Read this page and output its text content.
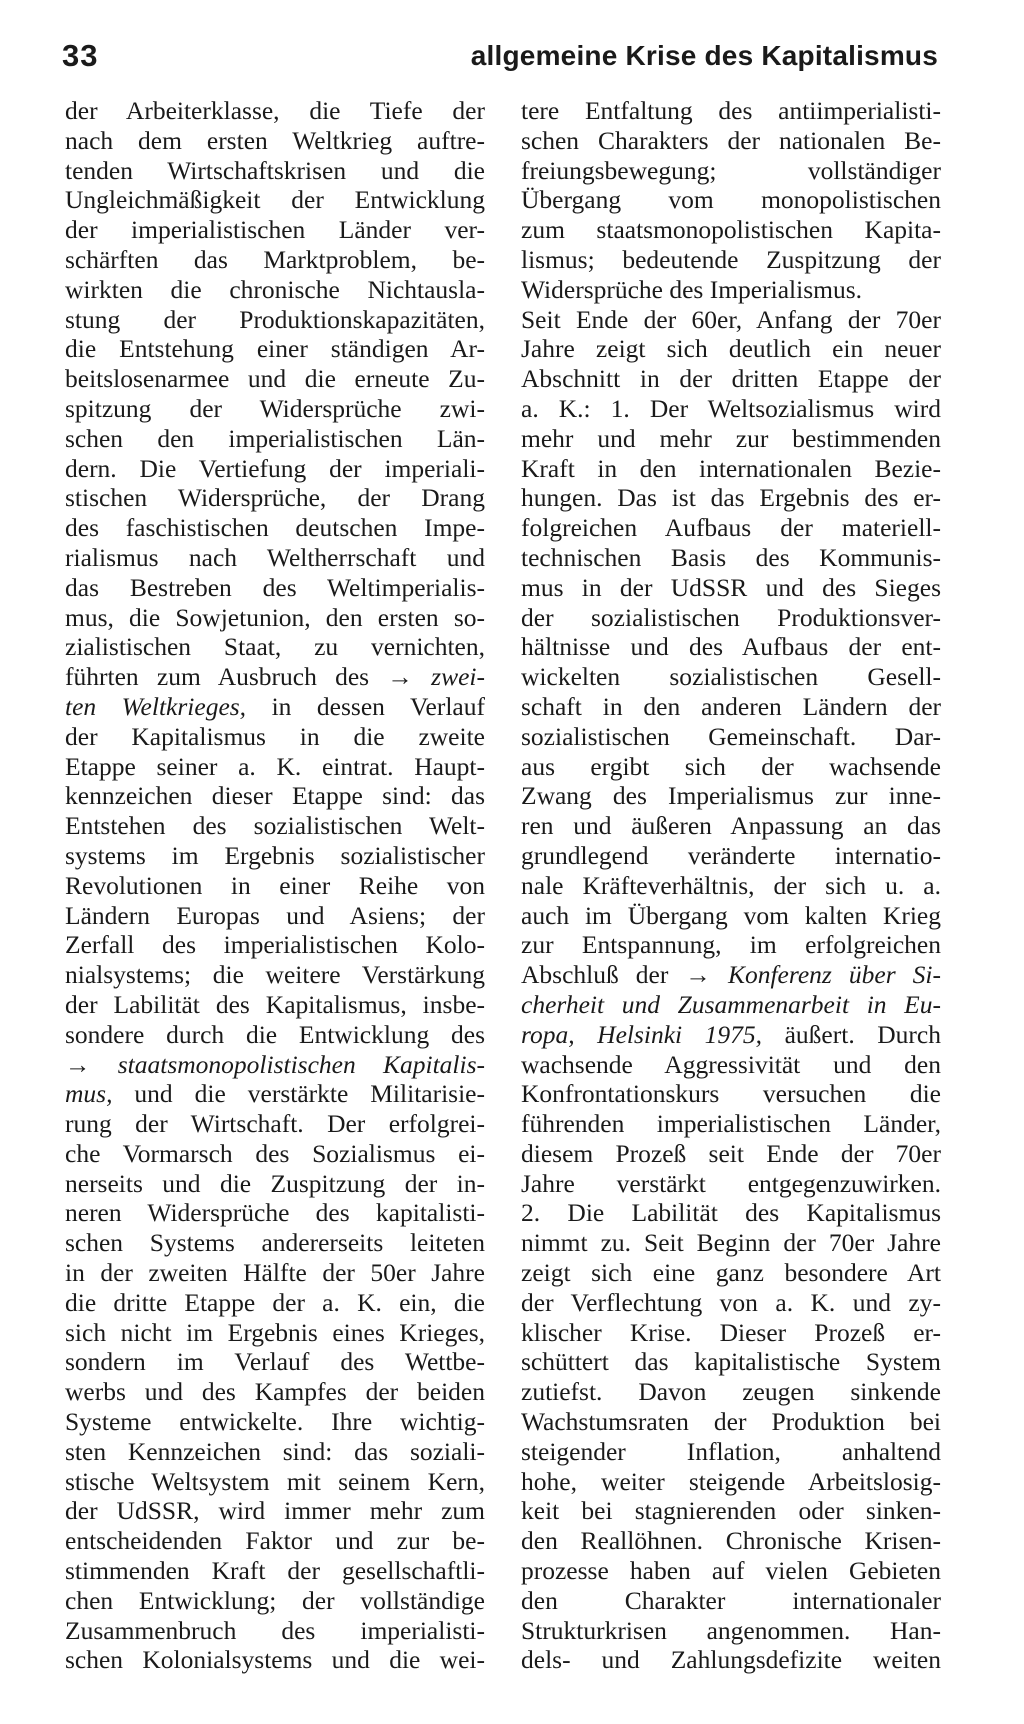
33	allgemeine Krise des Kapitalismus
der Arbeiterklasse, die Tiefe der
nach dem ersten Weltkrieg auftre-
tenden Wirtschaftskrisen und die
Ungleichmäßigkeit der Entwicklung
der imperialistischen Länder ver-
schärften das Marktproblem, be-
wirkten die chronische Nichtausla-
stung der Produktionskapazitäten,
die Entstehung einer ständigen Ar-
beitslosenarmee und die erneute Zu-
spitzung der Widersprüche zwi-
schen den imperialistischen Län-
dern. Die Vertiefung der imperiali-
stischen Widersprüche, der Drang
des faschistischen deutschen Impe-
rialismus nach Weltherrschaft und
das Bestreben des Weltimperialis-
mus, die Sowjetunion, den ersten so-
zialistischen Staat, zu vernichten,
führten zum Ausbruch des → zwei-
ten Weltkrieges, in dessen Verlauf
der Kapitalismus in die zweite
Etappe seiner a. K. eintrat. Haupt-
kennzeichen dieser Etappe sind: das
Entstehen des sozialistischen Welt-
systems im Ergebnis sozialistischer
Revolutionen in einer Reihe von
Ländern Europas und Asiens; der
Zerfall des imperialistischen Kolo-
nialsystems; die weitere Verstärkung
der Labilität des Kapitalismus, insbe-
sondere durch die Entwicklung des
→ staatsmonopolistischen Kapitalis-
mus, und die verstärkte Militarisie-
rung der Wirtschaft. Der erfolgrei-
che Vormarsch des Sozialismus ei-
nerseits und die Zuspitzung der in-
neren Widersprüche des kapitalisti-
schen Systems andererseits leiteten
in der zweiten Hälfte der 50er Jahre
die dritte Etappe der a. K. ein, die
sich nicht im Ergebnis eines Krieges,
sondern im Verlauf des Wettbe-
werbs und des Kampfes der beiden
Systeme entwickelte. Ihre wichtig-
sten Kennzeichen sind: das soziali-
stische Weltsystem mit seinem Kern,
der UdSSR, wird immer mehr zum
entscheidenden Faktor und zur be-
stimmenden Kraft der gesellschaftli-
chen Entwicklung; der vollständige
Zusammenbruch des imperialisti-
schen Kolonialsystems und die wei-
tere Entfaltung des antiimperialisti-
schen Charakters der nationalen Be-
freiungsbewegung; vollständiger
Übergang vom monopolistischen
zum staatsmonopolistischen Kapita-
lismus; bedeutende Zuspitzung der
Widersprüche des Imperialismus.
Seit Ende der 60er, Anfang der 70er
Jahre zeigt sich deutlich ein neuer
Abschnitt in der dritten Etappe der
a. K.: 1. Der Weltsozialismus wird
mehr und mehr zur bestimmenden
Kraft in den internationalen Bezie-
hungen. Das ist das Ergebnis des er-
folgreichen Aufbaus der materiell-
technischen Basis des Kommunis-
mus in der UdSSR und des Sieges
der sozialistischen Produktionsver-
hältnisse und des Aufbaus der ent-
wickelten sozialistischen Gesell-
schaft in den anderen Ländern der
sozialistischen Gemeinschaft. Dar-
aus ergibt sich der wachsende
Zwang des Imperialismus zur inne-
ren und äußeren Anpassung an das
grundlegend veränderte internatio-
nale Kräfteverhältnis, der sich u. a.
auch im Übergang vom kalten Krieg
zur Entspannung, im erfolgreichen
Abschluß der → Konferenz über Si-
cherheit und Zusammenarbeit in Eu-
ropa, Helsinki 1975, äußert. Durch
wachsende Aggressivität und den
Konfrontationskurs versuchen die
führenden imperialistischen Länder,
diesem Prozeß seit Ende der 70er
Jahre verstärkt entgegenzuwirken.
2. Die Labilität des Kapitalismus
nimmt zu. Seit Beginn der 70er Jahre
zeigt sich eine ganz besondere Art
der Verflechtung von a. K. und zy-
klischer Krise. Dieser Prozeß er-
schüttert das kapitalistische System
zutiefst. Davon zeugen sinkende
Wachstumsraten der Produktion bei
steigender Inflation, anhaltend
hohe, weiter steigende Arbeitslosig-
keit bei stagnierenden oder sinken-
den Reallöhnen. Chronische Krisen-
prozesse haben auf vielen Gebieten
den Charakter internationaler
Strukturkrisen angenommen. Han-
dels- und Zahlungsdefizite weiten
